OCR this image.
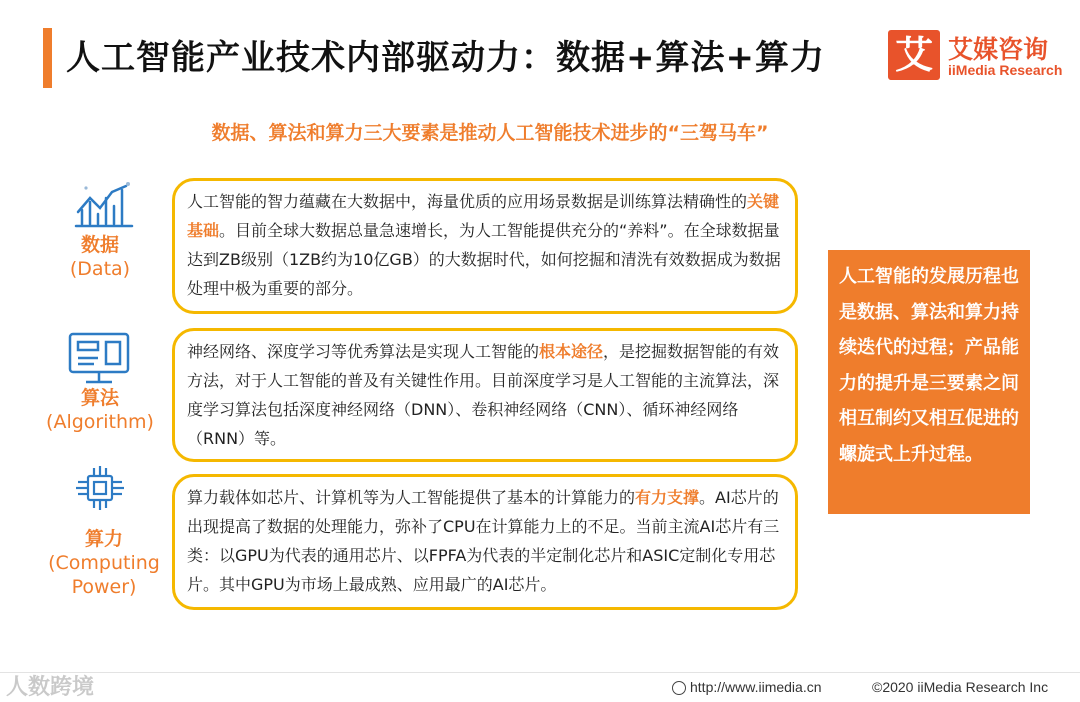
人工智能产业技术内部驱动力：数据+算法+算力 艾 艾媒咨询
iiMedia Research
数据、算法和算力三大要素是推动人工智能技术进步的“三驾马车”
数据
(Data)
人工智能的智力蕴藏在大数据中，海量优质的应用场景数据是训练算法精确性的关键基础。目前全球大数据总量急速增长，为人工智能提供充分的“养料”。在全球数据量达到ZB级别（1ZB约为10亿GB）的大数据时代，如何挖掘和清洗有效数据成为数据处理中极为重要的部分。
算法
(Algorithm)
神经网络、深度学习等优秀算法是实现人工智能的根本途径，是挖掘数据智能的有效方法，对于人工智能的普及有关键性作用。目前深度学习是人工智能的主流算法，深度学习算法包括深度神经网络（DNN）、卷积神经网络（CNN）、循环神经网络（RNN）等。
算力
(Computing Power)
算力载体如芯片、计算机等为人工智能提供了基本的计算能力的有力支撑。AI芯片的出现提高了数据的处理能力，弥补了CPU在计算能力上的不足。当前主流AI芯片有三类：以GPU为代表的通用芯片、以FPFA为代表的半定制化芯片和ASIC定制化专用芯片。其中GPU为市场上最成熟、应用最广的AI芯片。
人工智能的发展历程也是数据、算法和算力持续迭代的过程；产品能力的提升是三要素之间相互制约又相互促进的螺旋式上升过程。
人数跨境	http://www.iimedia.cn	©2020 iiMedia Research Inc
